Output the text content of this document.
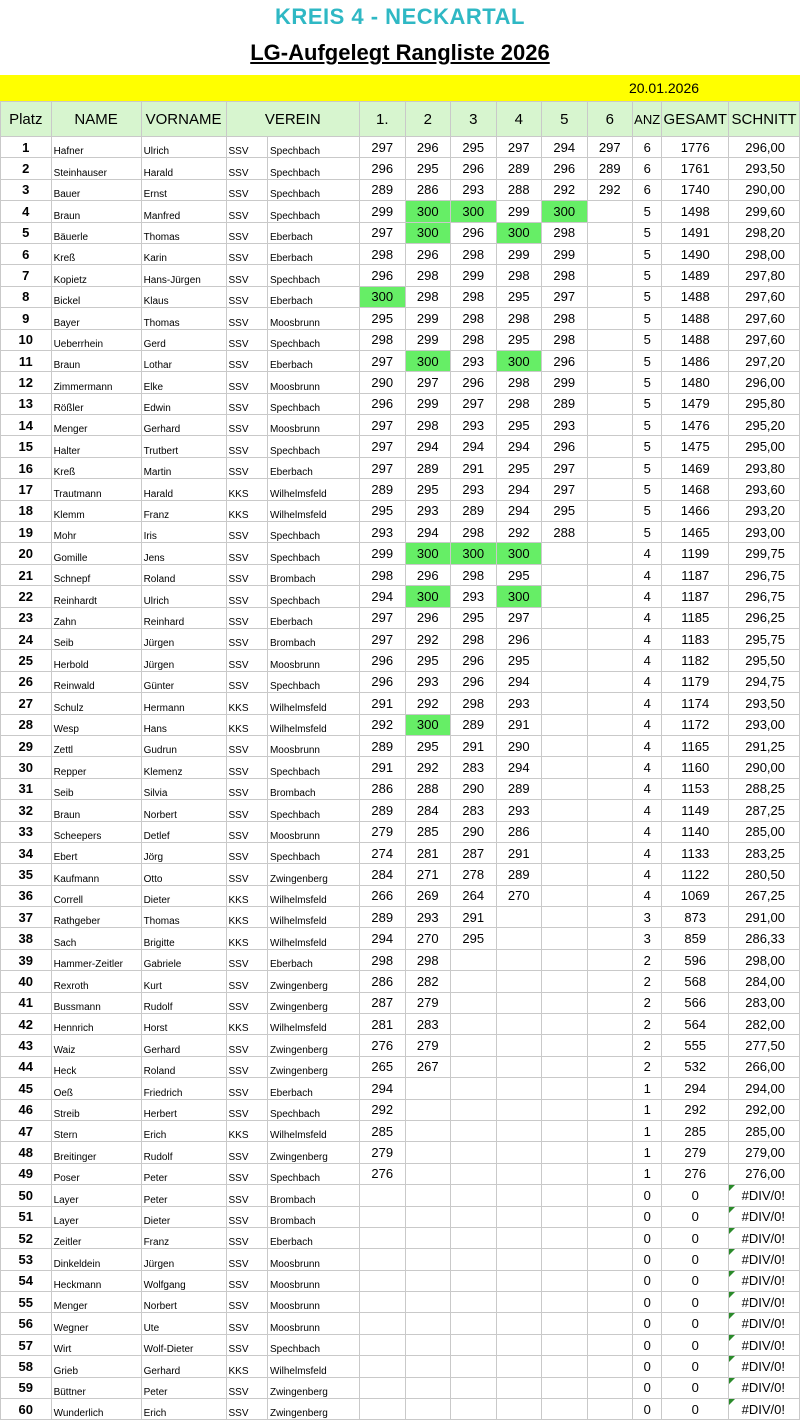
KREIS 4 - NECKARTAL
LG-Aufgelegt Rangliste 2026
20.01.2026
Platz	NAME	VORNAME	VEREIN		1.	2	3	4	5	6	ANZ	GESAMT	SCHNITT
1	Hafner	Ulrich	SSV	Spechbach	297	296	295	297	294	297	6	1776	296,00
2	Steinhauser	Harald	SSV	Spechbach	296	295	296	289	296	289	6	1761	293,50
3	Bauer	Ernst	SSV	Spechbach	289	286	293	288	292	292	6	1740	290,00
4	Braun	Manfred	SSV	Spechbach	299	300	300	299	300		5	1498	299,60
5	Bäuerle	Thomas	SSV	Eberbach	297	300	296	300	298		5	1491	298,20
6	Kreß	Karin	SSV	Eberbach	298	296	298	299	299		5	1490	298,00
7	Kopietz	Hans-Jürgen	SSV	Spechbach	296	298	299	298	298		5	1489	297,80
8	Bickel	Klaus	SSV	Eberbach	300	298	298	295	297		5	1488	297,60
9	Bayer	Thomas	SSV	Moosbrunn	295	299	298	298	298		5	1488	297,60
10	Ueberrhein	Gerd	SSV	Spechbach	298	299	298	295	298		5	1488	297,60
11	Braun	Lothar	SSV	Eberbach	297	300	293	300	296		5	1486	297,20
12	Zimmermann	Elke	SSV	Moosbrunn	290	297	296	298	299		5	1480	296,00
13	Rößler	Edwin	SSV	Spechbach	296	299	297	298	289		5	1479	295,80
14	Menger	Gerhard	SSV	Moosbrunn	297	298	293	295	293		5	1476	295,20
15	Halter	Trutbert	SSV	Spechbach	297	294	294	294	296		5	1475	295,00
16	Kreß	Martin	SSV	Eberbach	297	289	291	295	297		5	1469	293,80
17	Trautmann	Harald	KKS	Wilhelmsfeld	289	295	293	294	297		5	1468	293,60
18	Klemm	Franz	KKS	Wilhelmsfeld	295	293	289	294	295		5	1466	293,20
19	Mohr	Iris	SSV	Spechbach	293	294	298	292	288		5	1465	293,00
20	Gomille	Jens	SSV	Spechbach	299	300	300	300			4	1199	299,75
21	Schnepf	Roland	SSV	Brombach	298	296	298	295			4	1187	296,75
22	Reinhardt	Ulrich	SSV	Spechbach	294	300	293	300			4	1187	296,75
23	Zahn	Reinhard	SSV	Eberbach	297	296	295	297			4	1185	296,25
24	Seib	Jürgen	SSV	Brombach	297	292	298	296			4	1183	295,75
25	Herbold	Jürgen	SSV	Moosbrunn	296	295	296	295			4	1182	295,50
26	Reinwald	Günter	SSV	Spechbach	296	293	296	294			4	1179	294,75
27	Schulz	Hermann	KKS	Wilhelmsfeld	291	292	298	293			4	1174	293,50
28	Wesp	Hans	KKS	Wilhelmsfeld	292	300	289	291			4	1172	293,00
29	Zettl	Gudrun	SSV	Moosbrunn	289	295	291	290			4	1165	291,25
30	Repper	Klemenz	SSV	Spechbach	291	292	283	294			4	1160	290,00
31	Seib	Silvia	SSV	Brombach	286	288	290	289			4	1153	288,25
32	Braun	Norbert	SSV	Spechbach	289	284	283	293			4	1149	287,25
33	Scheepers	Detlef	SSV	Moosbrunn	279	285	290	286			4	1140	285,00
34	Ebert	Jörg	SSV	Spechbach	274	281	287	291			4	1133	283,25
35	Kaufmann	Otto	SSV	Zwingenberg	284	271	278	289			4	1122	280,50
36	Correll	Dieter	KKS	Wilhelmsfeld	266	269	264	270			4	1069	267,25
37	Rathgeber	Thomas	KKS	Wilhelmsfeld	289	293	291				3	873	291,00
38	Sach	Brigitte	KKS	Wilhelmsfeld	294	270	295				3	859	286,33
39	Hammer-Zeitler	Gabriele	SSV	Eberbach	298	298					2	596	298,00
40	Rexroth	Kurt	SSV	Zwingenberg	286	282					2	568	284,00
41	Bussmann	Rudolf	SSV	Zwingenberg	287	279					2	566	283,00
42	Hennrich	Horst	KKS	Wilhelmsfeld	281	283					2	564	282,00
43	Waiz	Gerhard	SSV	Zwingenberg	276	279					2	555	277,50
44	Heck	Roland	SSV	Zwingenberg	265	267					2	532	266,00
45	Oeß	Friedrich	SSV	Eberbach	294						1	294	294,00
46	Streib	Herbert	SSV	Spechbach	292						1	292	292,00
47	Stern	Erich	KKS	Wilhelmsfeld	285						1	285	285,00
48	Breitinger	Rudolf	SSV	Zwingenberg	279						1	279	279,00
49	Poser	Peter	SSV	Spechbach	276						1	276	276,00
50	Layer	Peter	SSV	Brombach							0	0	#DIV/0!
51	Layer	Dieter	SSV	Brombach							0	0	#DIV/0!
52	Zeitler	Franz	SSV	Eberbach							0	0	#DIV/0!
53	Dinkeldein	Jürgen	SSV	Moosbrunn							0	0	#DIV/0!
54	Heckmann	Wolfgang	SSV	Moosbrunn							0	0	#DIV/0!
55	Menger	Norbert	SSV	Moosbrunn							0	0	#DIV/0!
56	Wegner	Ute	SSV	Moosbrunn							0	0	#DIV/0!
57	Wirt	Wolf-Dieter	SSV	Spechbach							0	0	#DIV/0!
58	Grieb	Gerhard	KKS	Wilhelmsfeld							0	0	#DIV/0!
59	Büttner	Peter	SSV	Zwingenberg							0	0	#DIV/0!
60	Wunderlich	Erich	SSV	Zwingenberg							0	0	#DIV/0!
